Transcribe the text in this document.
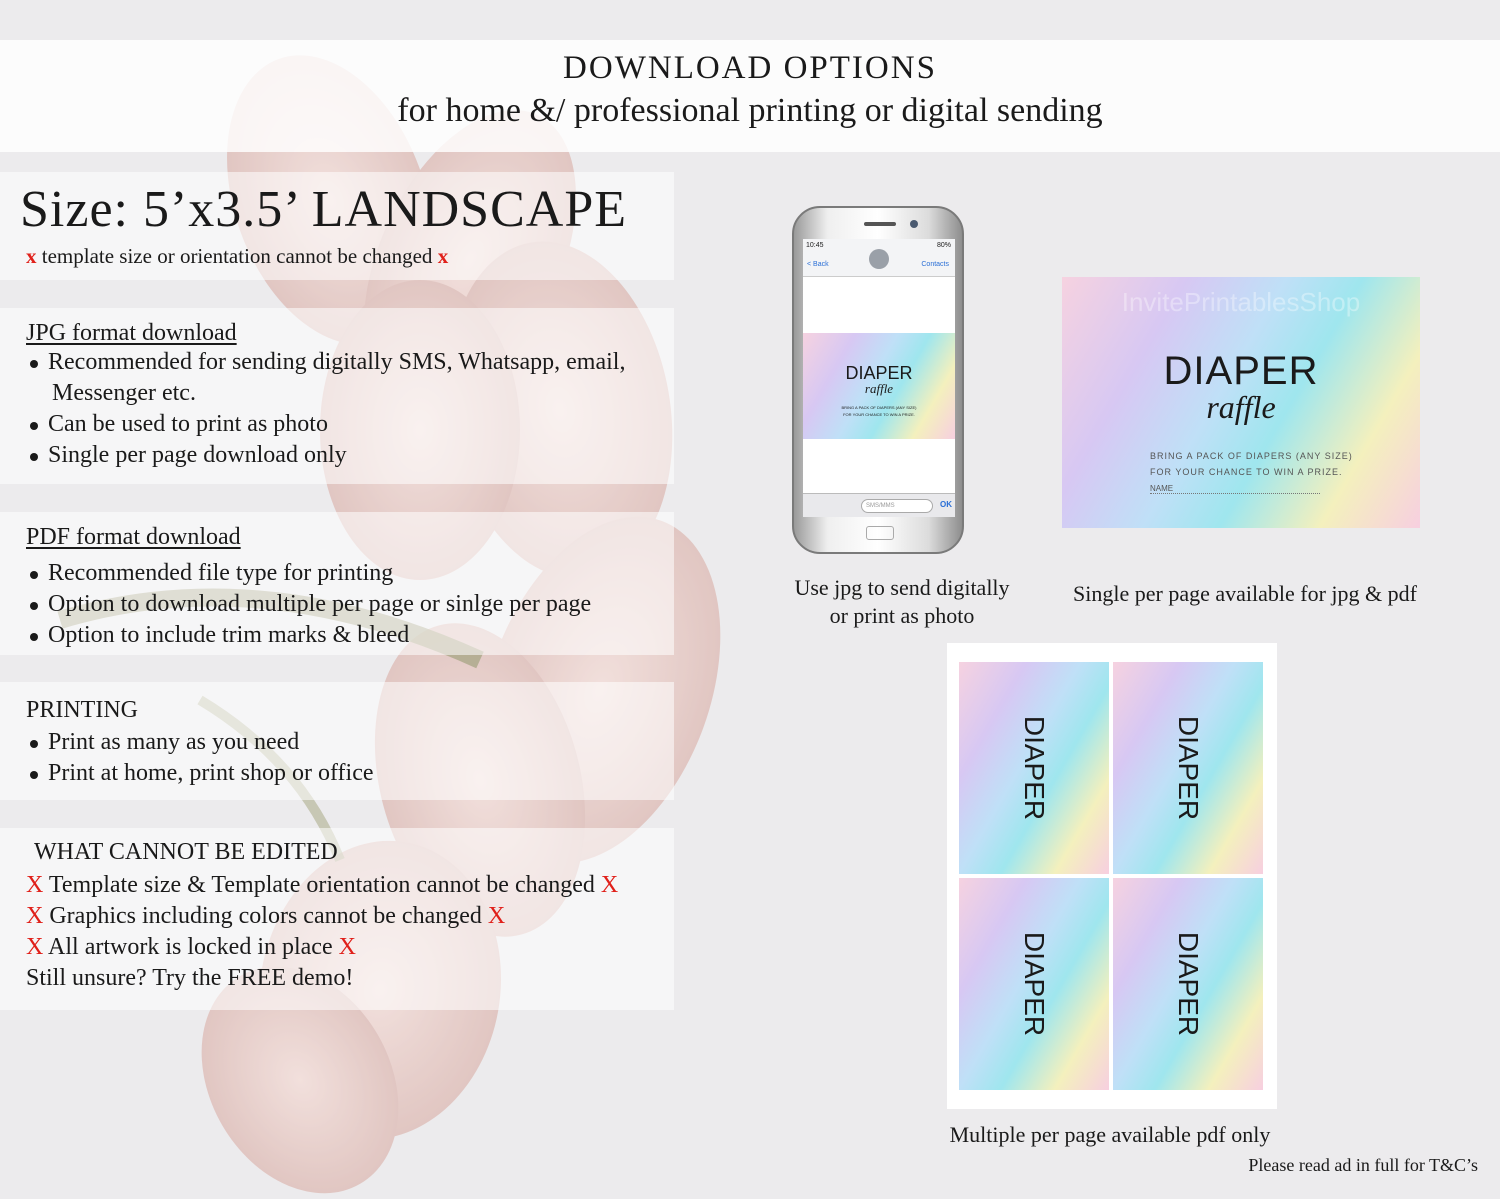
DOWNLOAD OPTIONS
for home &/ professional printing or digital sending
Size: 5’x3.5’ LANDSCAPE
x template size or orientation cannot be changed x
JPG format download
Recommended for sending digitally SMS, Whatsapp, email,
Messenger etc.
Can be used to print as photo
Single per page download only
PDF format download
Recommended file type for printing
Option to download multiple per page or sinlge per page
Option to include trim marks & bleed
PRINTING
Print as many as you need
Print at home, print shop or office
WHAT CANNOT BE EDITED
X Template size & Template orientation cannot be changed X
X Graphics including colors cannot be changed X
X All artwork is locked in place X
Still unsure? Try the FREE demo!
10:45	80%
< Back	Contacts
DIAPER
raffle
BRING A PACK OF DIAPERS (ANY SIZE)
FOR YOUR CHANCE TO WIN A PRIZE.
SMS/MMS	OK
Use jpg to send digitally
or print as photo
InvitePrintablesShop
DIAPER
raffle
BRING A PACK OF DIAPERS (ANY SIZE)
FOR YOUR CHANCE TO WIN A PRIZE.
NAME
Single per page available for jpg & pdf
DIAPER	DIAPER
DIAPER	DIAPER
Multiple per page available pdf only
Please read ad in full for T&C’s
